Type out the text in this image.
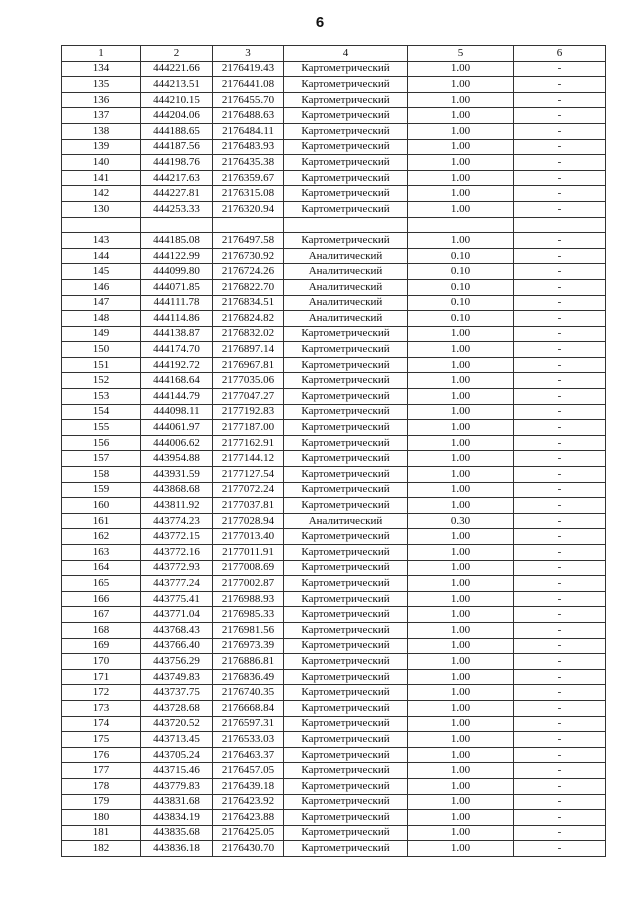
6
1	2	3	4	5	6
134	444221.66	2176419.43	Картометрический	1.00	-
135	444213.51	2176441.08	Картометрический	1.00	-
136	444210.15	2176455.70	Картометрический	1.00	-
137	444204.06	2176488.63	Картометрический	1.00	-
138	444188.65	2176484.11	Картометрический	1.00	-
139	444187.56	2176483.93	Картометрический	1.00	-
140	444198.76	2176435.38	Картометрический	1.00	-
141	444217.63	2176359.67	Картометрический	1.00	-
142	444227.81	2176315.08	Картометрический	1.00	-
130	444253.33	2176320.94	Картометрический	1.00	-

143	444185.08	2176497.58	Картометрический	1.00	-
144	444122.99	2176730.92	Аналитический	0.10	-
145	444099.80	2176724.26	Аналитический	0.10	-
146	444071.85	2176822.70	Аналитический	0.10	-
147	444111.78	2176834.51	Аналитический	0.10	-
148	444114.86	2176824.82	Аналитический	0.10	-
149	444138.87	2176832.02	Картометрический	1.00	-
150	444174.70	2176897.14	Картометрический	1.00	-
151	444192.72	2176967.81	Картометрический	1.00	-
152	444168.64	2177035.06	Картометрический	1.00	-
153	444144.79	2177047.27	Картометрический	1.00	-
154	444098.11	2177192.83	Картометрический	1.00	-
155	444061.97	2177187.00	Картометрический	1.00	-
156	444006.62	2177162.91	Картометрический	1.00	-
157	443954.88	2177144.12	Картометрический	1.00	-
158	443931.59	2177127.54	Картометрический	1.00	-
159	443868.68	2177072.24	Картометрический	1.00	-
160	443811.92	2177037.81	Картометрический	1.00	-
161	443774.23	2177028.94	Аналитический	0.30	-
162	443772.15	2177013.40	Картометрический	1.00	-
163	443772.16	2177011.91	Картометрический	1.00	-
164	443772.93	2177008.69	Картометрический	1.00	-
165	443777.24	2177002.87	Картометрический	1.00	-
166	443775.41	2176988.93	Картометрический	1.00	-
167	443771.04	2176985.33	Картометрический	1.00	-
168	443768.43	2176981.56	Картометрический	1.00	-
169	443766.40	2176973.39	Картометрический	1.00	-
170	443756.29	2176886.81	Картометрический	1.00	-
171	443749.83	2176836.49	Картометрический	1.00	-
172	443737.75	2176740.35	Картометрический	1.00	-
173	443728.68	2176668.84	Картометрический	1.00	-
174	443720.52	2176597.31	Картометрический	1.00	-
175	443713.45	2176533.03	Картометрический	1.00	-
176	443705.24	2176463.37	Картометрический	1.00	-
177	443715.46	2176457.05	Картометрический	1.00	-
178	443779.83	2176439.18	Картометрический	1.00	-
179	443831.68	2176423.92	Картометрический	1.00	-
180	443834.19	2176423.88	Картометрический	1.00	-
181	443835.68	2176425.05	Картометрический	1.00	-
182	443836.18	2176430.70	Картометрический	1.00	-
